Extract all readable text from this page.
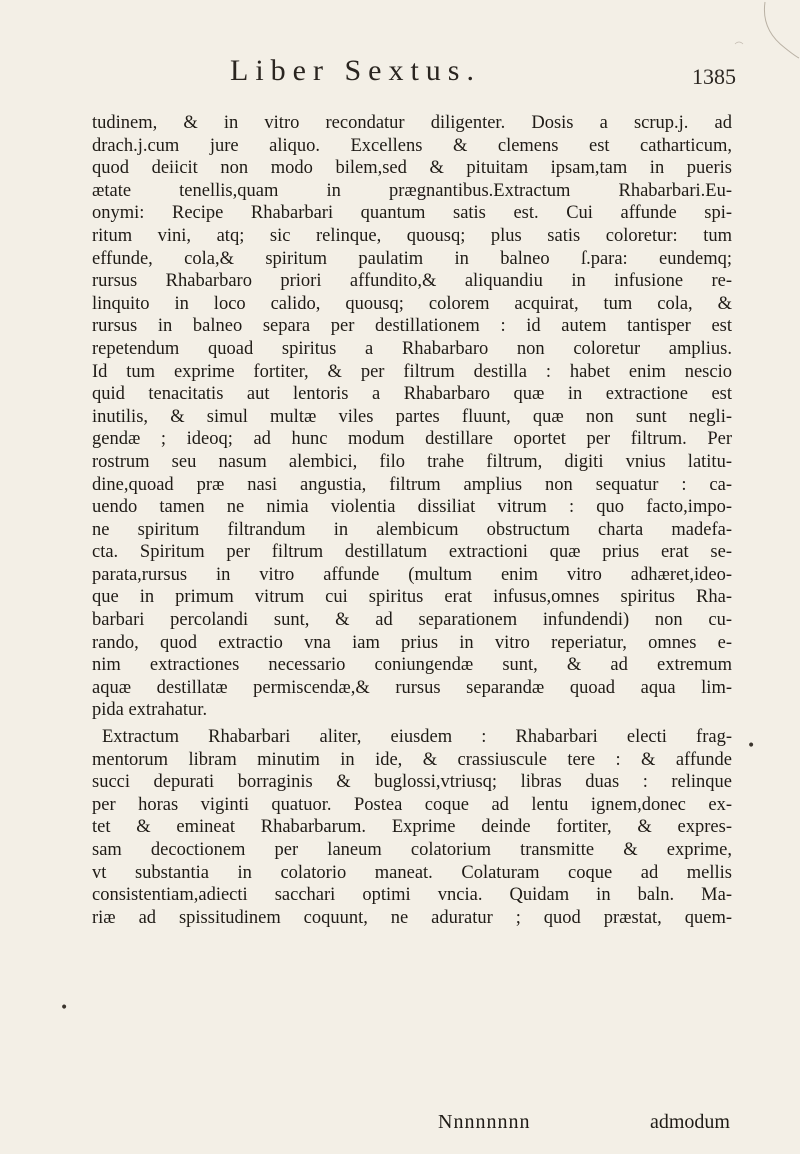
Liber Sextus.	1385
tudinem, & in vitro recondatur diligenter. Dosis a scrup.j. ad
drach.j.cum jure aliquo. Excellens & clemens est catharticum,
quod deiicit non modo bilem,sed & pituitam ipsam,tam in pueris
ætate tenellis,quam in prægnantibus.Extractum Rhabarbari.Eu-
onymi: Recipe Rhabarbari quantum satis est. Cui affunde spi-
ritum vini, atq; sic relinque, quousq; plus satis coloretur: tum
effunde, cola,& spiritum paulatim in balneo ſ.para: eundemq;
rursus Rhabarbaro priori affundito,& aliquandiu in infusione re-
linquito in loco calido, quousq; colorem acquirat, tum cola, &
rursus in balneo separa per destillationem : id autem tantisper est
repetendum quoad spiritus a Rhabarbaro non coloretur amplius.
Id tum exprime fortiter, & per filtrum destilla : habet enim nescio
quid tenacitatis aut lentoris a Rhabarbaro quæ in extractione est
inutilis, & simul multæ viles partes fluunt, quæ non sunt negli-
gendæ ; ideoq; ad hunc modum destillare oportet per filtrum. Per
rostrum seu nasum alembici, filo trahe filtrum, digiti vnius latitu-
dine,quoad præ nasi angustia, filtrum amplius non sequatur : ca-
uendo tamen ne nimia violentia dissiliat vitrum : quo facto,impo-
ne spiritum filtrandum in alembicum obstructum charta madefa-
cta. Spiritum per filtrum destillatum extractioni quæ prius erat se-
parata,rursus in vitro affunde (multum enim vitro adhæret,ideo-
que in primum vitrum cui spiritus erat infusus,omnes spiritus Rha-
barbari percolandi sunt, & ad separationem infundendi) non cu-
rando, quod extractio vna iam prius in vitro reperiatur, omnes e-
nim extractiones necessario coniungendæ sunt, & ad extremum
aquæ destillatæ permiscendæ,& rursus separandæ quoad aqua lim-
pida extrahatur.
Extractum Rhabarbari aliter, eiusdem : Rhabarbari electi frag-
mentorum libram minutim in ide, & crassiuscule tere : & affunde
succi depurati borraginis & buglossi,vtriusq; libras duas : relinque
per horas viginti quatuor. Postea coque ad lentu ignem,donec ex-
tet & emineat Rhabarbarum. Exprime deinde fortiter, & expres-
sam decoctionem per laneum colatorium transmitte & exprime,
vt substantia in colatorio maneat. Colaturam coque ad mellis
consistentiam,adiecti sacchari optimi vncia. Quidam in baln. Ma-
riæ ad spissitudinem coquunt, ne aduratur ; quod præstat, quem-
•
•
Nnnnnnnn	admodum
